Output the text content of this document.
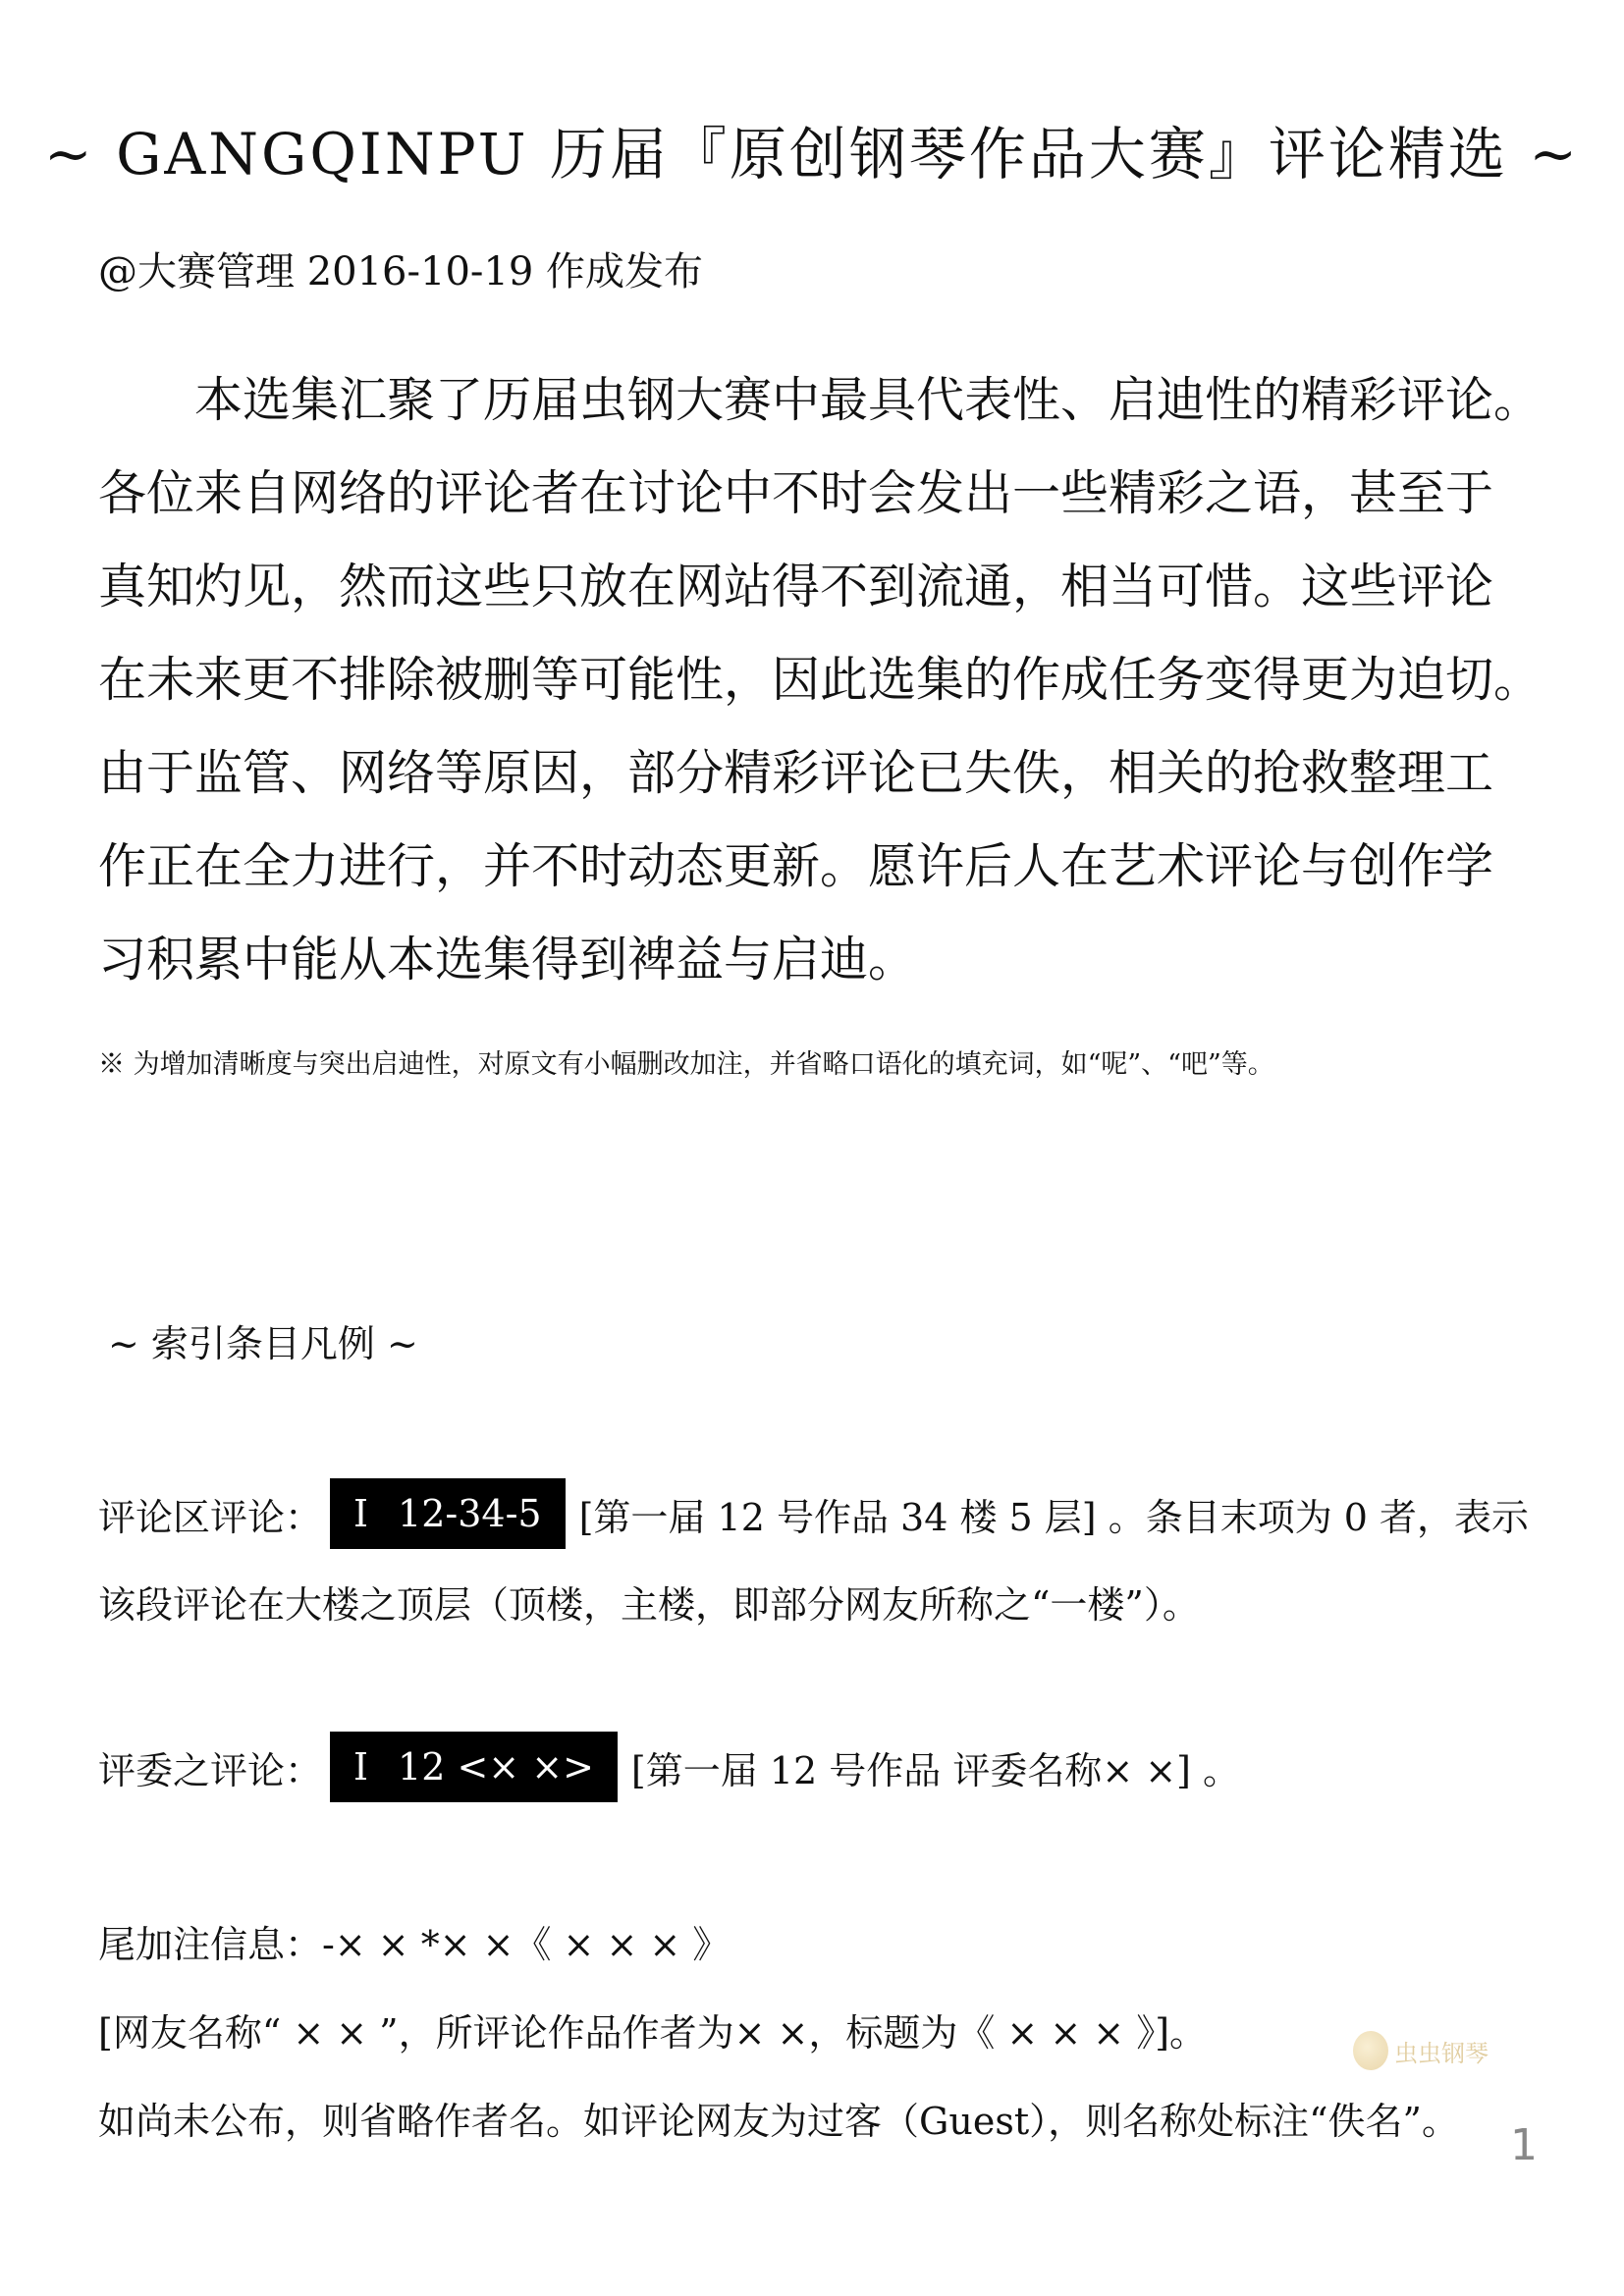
~ GANGQINPU 历届『原创钢琴作品大赛』评论精选 ~
@大赛管理 2016-10-19 作成发布
本选集汇聚了历届虫钢大赛中最具代表性、启迪性的精彩评论。
各位来自网络的评论者在讨论中不时会发出一些精彩之语，甚至于
真知灼见，然而这些只放在网站得不到流通，相当可惜。这些评论
在未来更不排除被删等可能性，因此选集的作成任务变得更为迫切。
由于监管、网络等原因，部分精彩评论已失佚，相关的抢救整理工
作正在全力进行，并不时动态更新。愿许后人在艺术评论与创作学
习积累中能从本选集得到裨益与启迪。
※ 为增加清晰度与突出启迪性，对原文有小幅删改加注，并省略口语化的填充词，如“呢”、“吧”等。
~ 索引条目凡例 ~
评论区评论： I 12-34-5	[第一届 12 号作品 34 楼 5 层] 。条目末项为 0 者，表示
该段评论在大楼之顶层（顶楼，主楼，即部分网友所称之“一楼”）。
评委之评论： I 12 <× ×>	[第一届 12 号作品 评委名称× ×] 。
尾加注信息： -× × *× ×《 × × × 》
[网友名称“ × × ”，所评论作品作者为× ×，标题为《 × × × 》]。
如尚未公布，则省略作者名。如评论网友为过客（Guest），则名称处标注“佚名”。
虫虫钢琴
1
